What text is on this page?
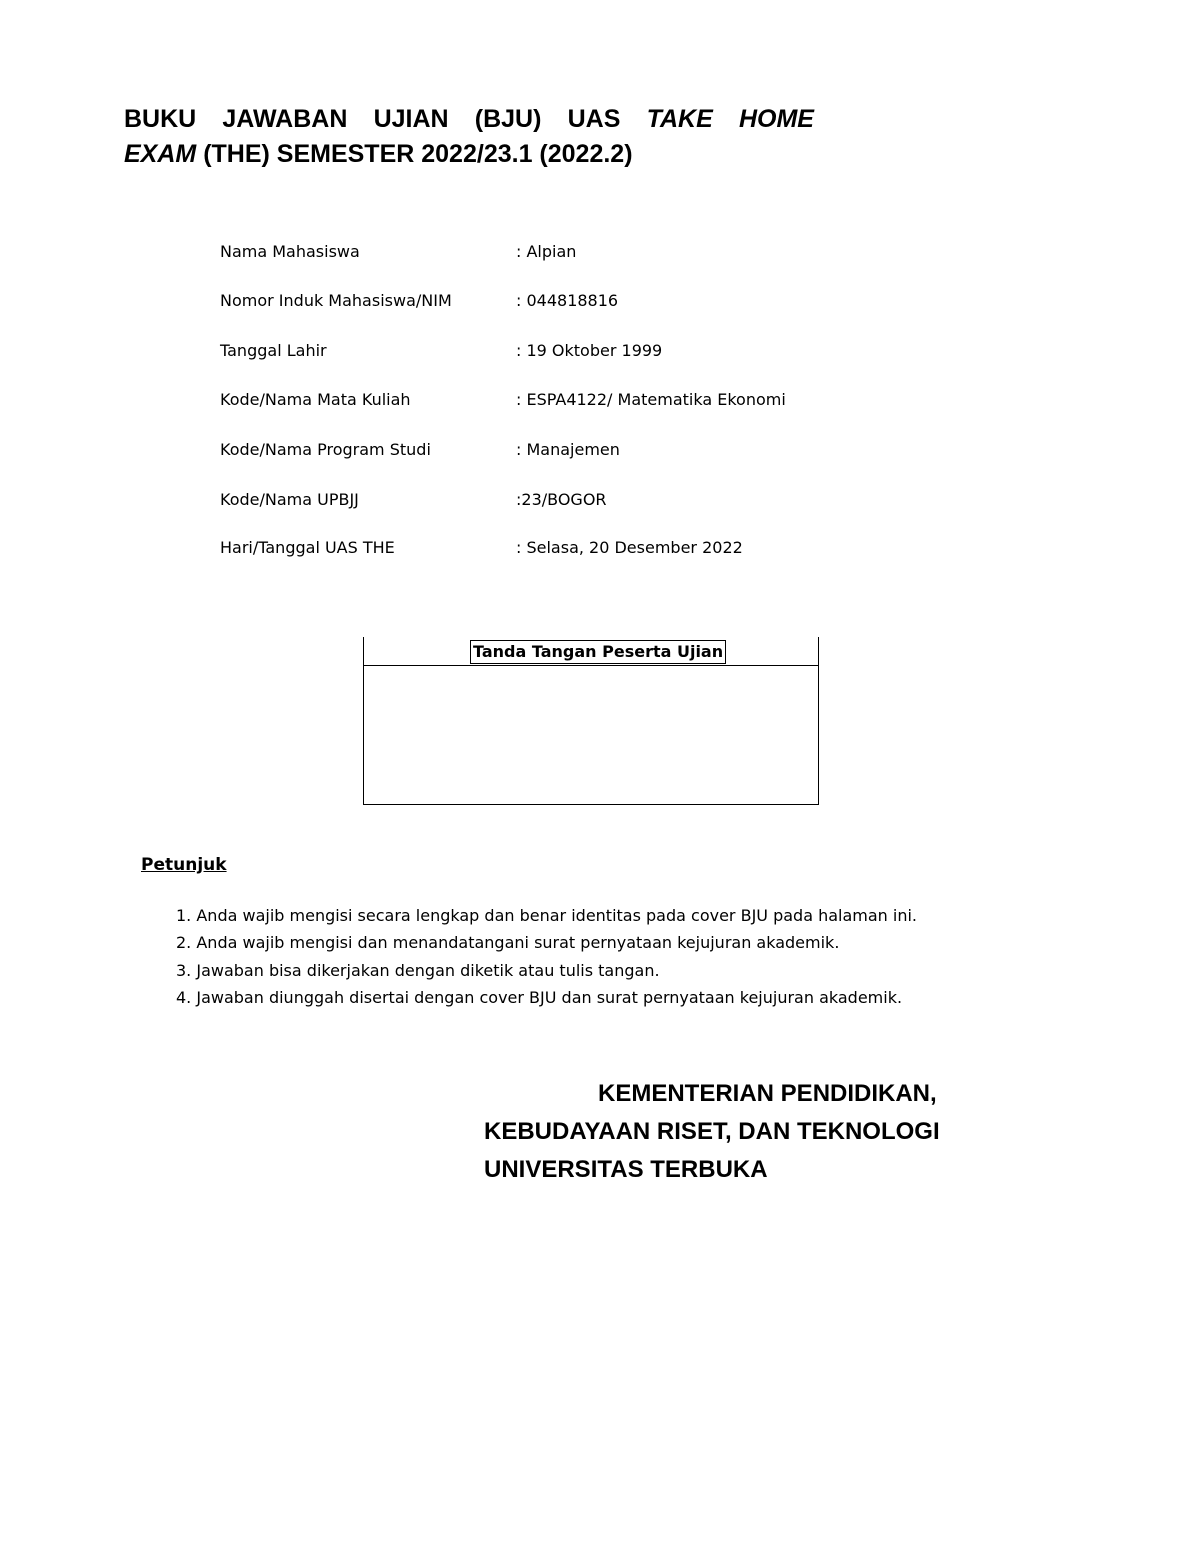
BUKU JAWABAN UJIAN (BJU) UAS TAKE HOME
EXAM (THE) SEMESTER 2022/23.1 (2022.2)
Nama Mahasiswa	: Alpian
Nomor Induk Mahasiswa/NIM	: 044818816
Tanggal Lahir	: 19 Oktober 1999
Kode/Nama Mata Kuliah	: ESPA4122/ Matematika Ekonomi
Kode/Nama Program Studi	: Manajemen
Kode/Nama UPBJJ	:23/BOGOR
Hari/Tanggal UAS THE	: Selasa, 20 Desember 2022
Tanda Tangan Peserta Ujian
Petunjuk
1. Anda wajib mengisi secara lengkap dan benar identitas pada cover BJU pada halaman ini.
2. Anda wajib mengisi dan menandatangani surat pernyataan kejujuran akademik.
3. Jawaban bisa dikerjakan dengan diketik atau tulis tangan.
4. Jawaban diunggah disertai dengan cover BJU dan surat pernyataan kejujuran akademik.
KEMENTERIAN PENDIDIKAN,
KEBUDAYAAN RISET, DAN TEKNOLOGI
UNIVERSITAS TERBUKA
